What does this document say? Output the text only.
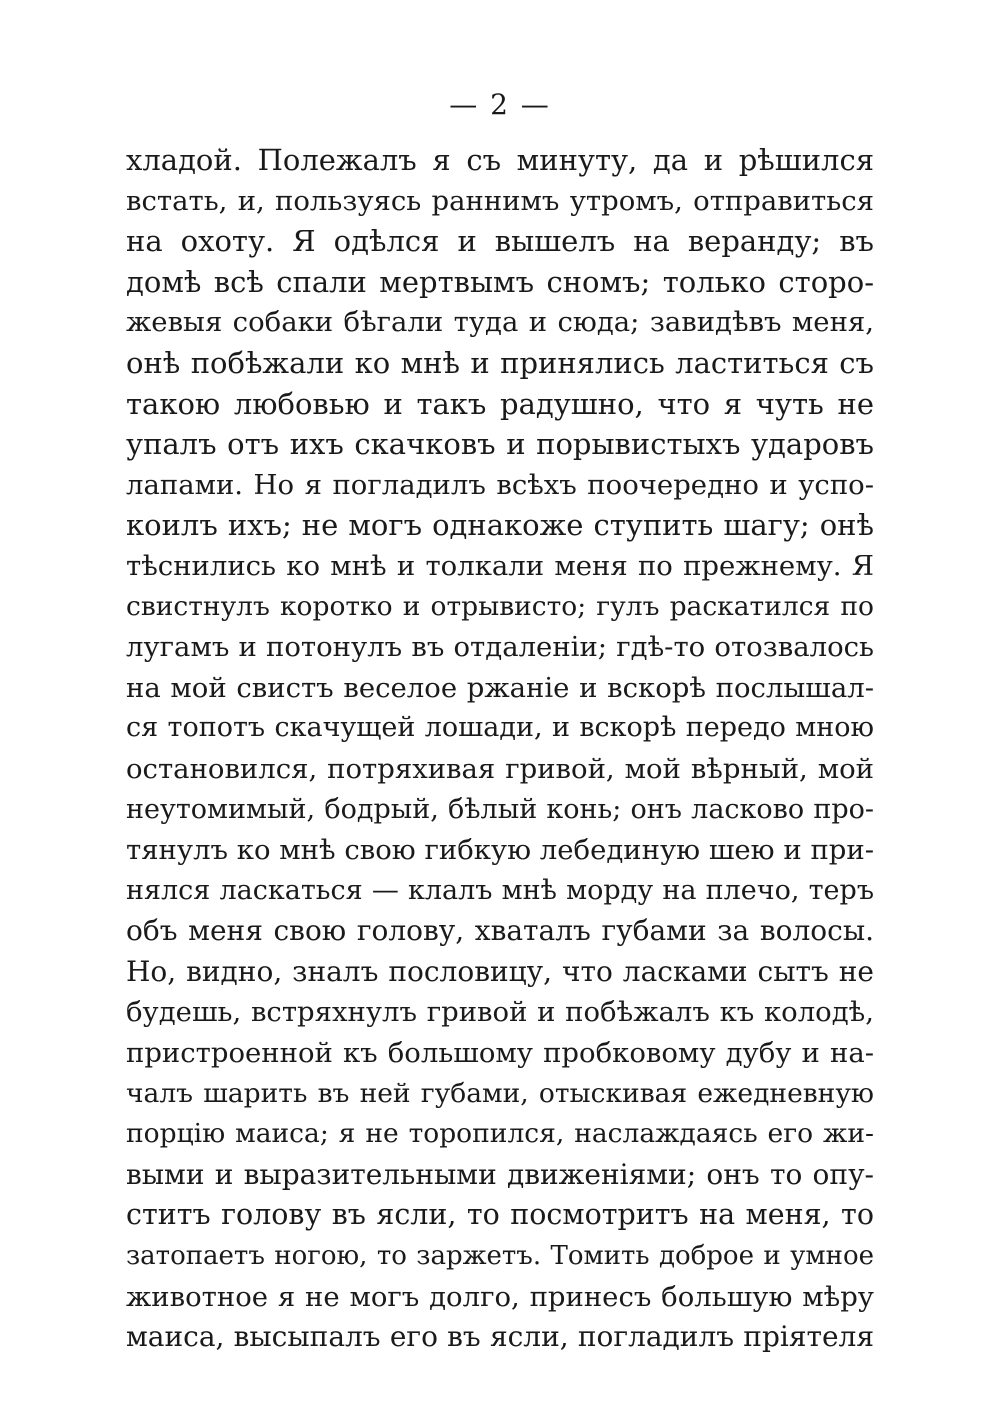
— 2 —
хладой. Полежалъ я съ минуту, да и рѣшился
встать, и, пользуясь раннимъ утромъ, отправиться
на охоту. Я одѣлся и вышелъ на веранду; въ
домѣ всѣ спали мертвымъ сномъ; только сторо-
жевыя собаки бѣгали туда и сюда; завидѣвъ меня,
онѣ побѣжали ко мнѣ и принялись ластиться съ
такою любовью и такъ радушно, что я чуть не
упалъ отъ ихъ скачковъ и порывистыхъ ударовъ
лапами. Но я погладилъ всѣхъ поочередно и успо-
коилъ ихъ; не могъ однакоже ступить шагу; онѣ
тѣснились ко мнѣ и толкали меня по прежнему. Я
свистнулъ коротко и отрывисто; гулъ раскатился по
лугамъ и потонулъ въ отдаленіи; гдѣ-то отозвалось
на мой свистъ веселое ржаніе и вскорѣ послышал-
ся топотъ скачущей лошади, и вскорѣ передо мною
остановился, потряхивая гривой, мой вѣрный, мой
неутомимый, бодрый, бѣлый конь; онъ ласково про-
тянулъ ко мнѣ свою гибкую лебединую шею и при-
нялся ласкаться — клалъ мнѣ морду на плечо, теръ
объ меня свою голову, хваталъ губами за волосы.
Но, видно, зналъ пословицу, что ласками сытъ не
будешь, встряхнулъ гривой и побѣжалъ къ колодѣ,
пристроенной къ большому пробковому дубу и на-
чалъ шарить въ ней губами, отыскивая ежедневную
порцію маиса; я не торопился, наслаждаясь его жи-
выми и выразительными движеніями; онъ то опу-
ститъ голову въ ясли, то посмотритъ на меня, то
затопаетъ ногою, то заржетъ. Томить доброе и умное
животное я не могъ долго, принесъ большую мѣру
маиса, высыпалъ его въ ясли, погладилъ пріятеля
